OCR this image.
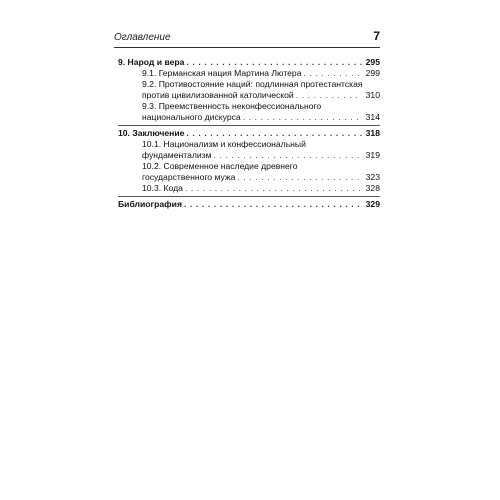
Оглавление	7
9. Народ и вера . . .	295
9.1. Германская нация Мартина Лютера . . .	299
9.2. Противостояние наций: подлинная протестантская
против цивилизованной католической . . .	310
9.3. Преемственность неконфессионального
национального дискурса . . .	314
10. Заключение . . .	318
10.1. Национализм и конфессиональный
фундаментализм . . .	319
10.2. Современное наследие древнего
государственного мужа . . .	323
10.3. Кода . . .	328
Библиография . . .	329
